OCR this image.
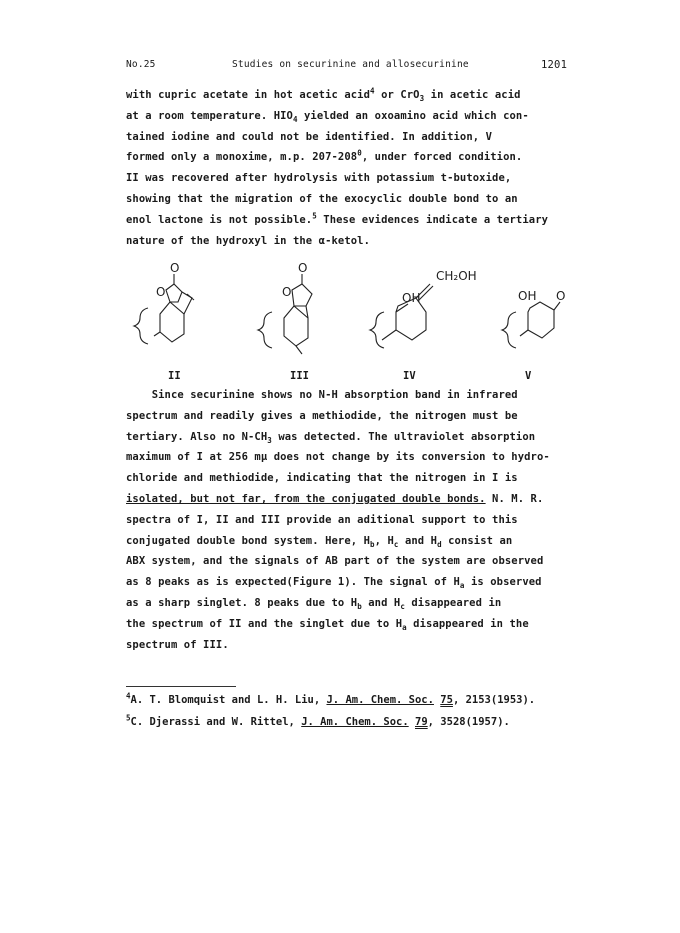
No.25	Studies on securinine and allosecurinine	1201
with cupric acetate in hot acetic acid$^4$ or CrO$_3$ in acetic acid
at a room temperature. $HIO_4$ yielded an oxoamino acid which con-
tained iodine and could not be identified. In addition, V
formed only a monoxime, m.p. $207-208^0$, under forced condition.
II was recovered after hydrolysis with potassium t-butoxide,
showing that the migration of the exocyclic double bond to an
enol lactone is not possible.$^5$ These evidences indicate a tertiary
nature of the hydroxyl in the α-ketol.
O
O
O
O
CH₂OH
OH	OH O
II	III	IV	V
Since securinine shows no N-H absorption band in infrared
spectrum and readily gives a methiodide, the nitrogen must be
tertiary. Also no $N-CH_3$ was detected. The ultraviolet absorption
maximum of I at 256 mμ does not change by its conversion to hydro-
chloride and methiodide, indicating that the nitrogen in I is
isolated, but not far, from the conjugated double bonds. N. M. R.
spectra of I, II and III provide an aditional support to this
conjugated double bond system. Here, $H_b$, $H_c$ and $H_d$ consist an
ABX system, and the signals of AB part of the system are observed
as 8 peaks as is expected(Figure 1). The signal of $H_a$ is observed
as a sharp singlet. 8 peaks due to $H_b$ and $H_c$ disappeared in
the spectrum of II and the singlet due to $H_a$ disappeared in the
spectrum of III.
$^4$A. T. Blomquist and L. H. Liu, J. Am. Chem. Soc. 75, 2153(1953).
$^5$C. Djerassi and W. Rittel, J. Am. Chem. Soc. 79, 3528(1957).
